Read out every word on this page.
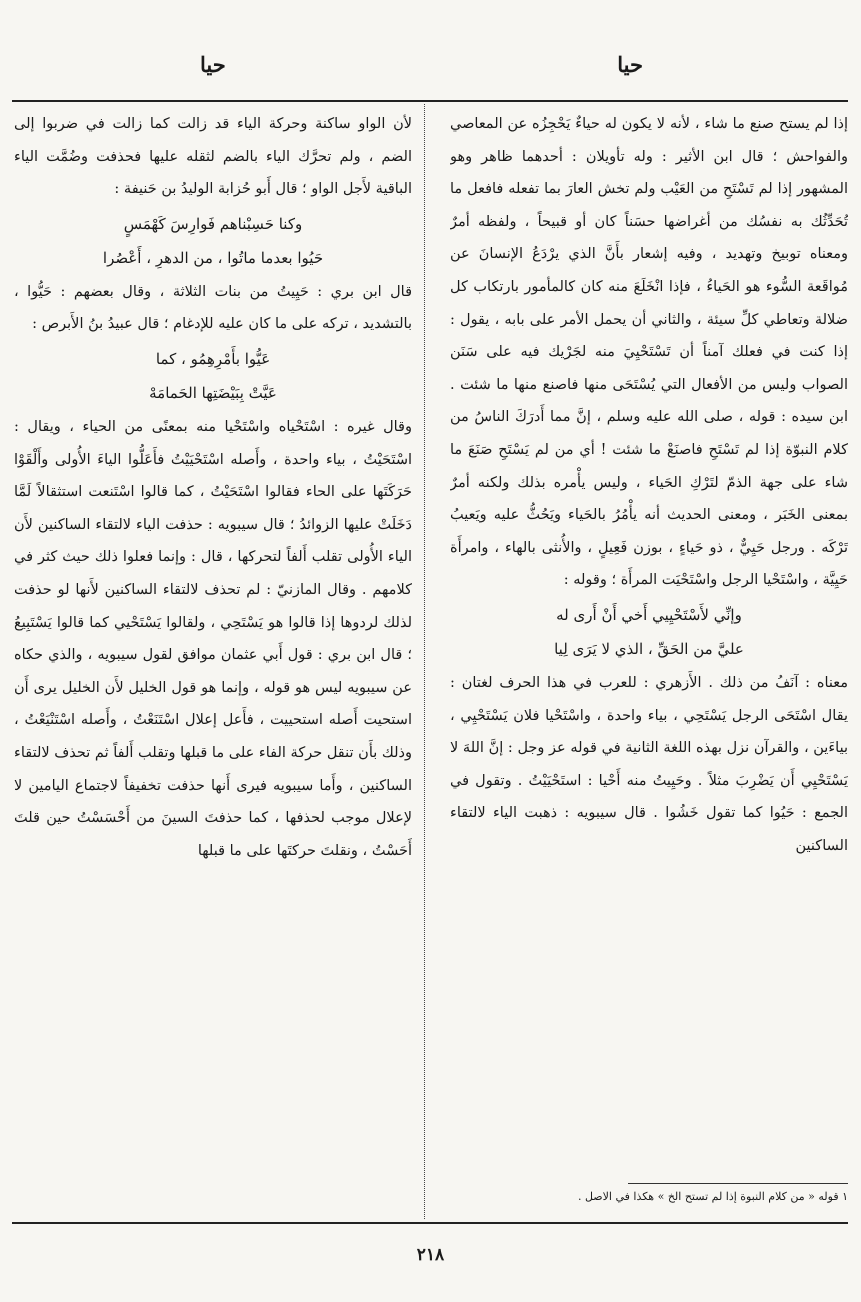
حيا
حيا

إذا لم يستح صنع ما شاء ، لأنه لا يكون له حياءٌ يَحْجِزُه عن المعاصي والفواحش ؛ قال ابن الأثير : وله تأويلان : أحدهما ظاهر وهو المشهور إذا لم تَسْتَحِ من العَيْب ولم تخش العارَ بما تفعله فافعل ما تُحَدِّثُك به نفسُك من أغراضها حسَناً كان أو قبيحاً ، ولفظه أمرٌ ومعناه توبيخ وتهديد ، وفيه إشعار بأَنَّ الذي يرْدَعُ الإنسانَ عن مُواقَعة السُّوء هو الحَياءُ ، فإذا انْخَلَعَ منه كان كالمأمور بارتكاب كل ضلالة وتعاطي كلِّ سيئة ، والثاني أن يحمل الأمر على بابه ، يقول : إذا كنت في فعلك آمناً أن تَسْتَحْيِيَ منه لجَرْيك فيه على سَنَن الصواب وليس من الأفعال التي يُسْتَحَى منها فاصنع منها ما شئت . ابن سيده : قوله ، صلى الله عليه وسلم ، إنَّ مما أَدرَكَ الناسُ من كلام النبوّة إذا لم تَسْتَحِ فاصنَعْ ما شئت ! أي من لم يَسْتَحِ صَنَعَ ما شاء على جهة الذمّ لتَرْكِ الحَياء ، وليس يأْمره بذلك ولكنه أمرٌ بمعنى الخَبَر ، ومعنى الحديث أنه يأْمُرُ بالحَياء ويَحُثُّ عليه ويَعيبُ تَرْكَه . ورجل حَيِيٌّ ، ذو حَياءٍ ، بوزن فَعِيلٍ ، والأُنثى بالهاء ، وامرأَة حَيِيَّة ، واسْتَحْيا الرجل واسْتَحْيَت المرأَة ؛ وقوله :

وإنِّي لأَسْتَحْيِيي أَخي أَنْ أَرى له
عليَّ من الحَقِّ ، الذي لا يَرَى لِيا

معناه : آنَفُ من ذلك . الأَزهري : للعرب في هذا الحرف لغتان : يقال اسْتَحَى الرجل يَسْتَحِي ، بياء واحدة ، واسْتَحْيا فلان يَسْتَحْيِي ، بياءَين ، والقرآن نزل بهذه اللغة الثانية في قوله عز وجل : إنَّ اللهَ لا يَسْتَحْيِي أَن يَضْرِبَ مثلاً . وحَيِيتُ منه أَحْيا : استَحْيَيْتُ . وتقول في الجمع : حَيُوا كما تقول خَشُوا . قال سيبويه : ذهبت الياء لالتقاء الساكنين

لأن الواو ساكنة وحركة الياء قد زالت كما زالت في ضربوا إلى الضم ، ولم تحرَّك الياء بالضم لثقله عليها فحذفت وضُمَّت الياء الباقية لأَجل الواو ؛ قال أَبو حُزابة الوليدُ بن حَنيفة :

وكنا حَسِبْناهم فَوارِسَ كَهْمَسٍ
حَيُوا بعدما ماتُوا ، من الدهرِ ، أَعْصُرا

قال ابن بري : حَيِيتُ من بنات الثلاثة ، وقال بعضهم : حَيُّوا ، بالتشديد ، تركه على ما كان عليه للإدغام ؛ قال عبيدُ بنُ الأَبرص :

عَيُّوا بأَمْرِهِمُو ، كما
عَيَّتْ بِبَيْضَتِها الحَمامَهْ

وقال غيره : اسْتَحْياه واسْتَحْيا منه بمعنًى من الحياء ، ويقال : اسْتَحَيْتُ ، بياء واحدة ، وأَصله اسْتَحْيَيْتُ فأَعَلُّوا الياءَ الأُولى وأَلْقَوْا حَرَكَتَها على الحاء فقالوا اسْتَحَيْتُ ، كما قالوا اسْتَنعت استثقالاً لَمَّا دَخَلَتْ عليها الزوائدُ ؛ قال سيبويه : حذفت الياء لالتقاء الساكنين لأَن الياء الأُولى تقلب أَلفاً لتحركها ، قال : وإنما فعلوا ذلك حيث كثر في كلامهم . وقال المازنيّ : لم تحذف لالتقاء الساكنين لأَنها لو حذفت لذلك لردوها إذا قالوا هو يَسْتَحِي ، ولقالوا يَسْتَحْيي كما قالوا يَسْتَبِيعُ ؛ قال ابن بري : قول أَبي عثمان موافق لقول سيبويه ، والذي حكاه عن سيبويه ليس هو قوله ، وإنما هو قول الخليل لأَن الخليل يرى أَن استحيت أَصله استحييت ، فأَعل إعلال اسْتَنَعْتُ ، وأَصله اسْتَنْيَعْتُ ، وذلك بأَن تنقل حركة الفاء على ما قبلها وتقلب أَلفاً ثم تحذف لالتقاء الساكنين ، وأَما سيبويه فيرى أَنها حذفت تخفيفاً لاجتماع اليامين لا لإعلال موجب لحذفها ، كما حذفتَ السينَ من أَحْسَسْتُ حين قلتَ أَحَسْتُ ، ونقلتَ حركتَها على ما قبلها

١ قوله « من كلام النبوة إذا لم تستح الخ » هكذا في الاصل .
٢١٨
